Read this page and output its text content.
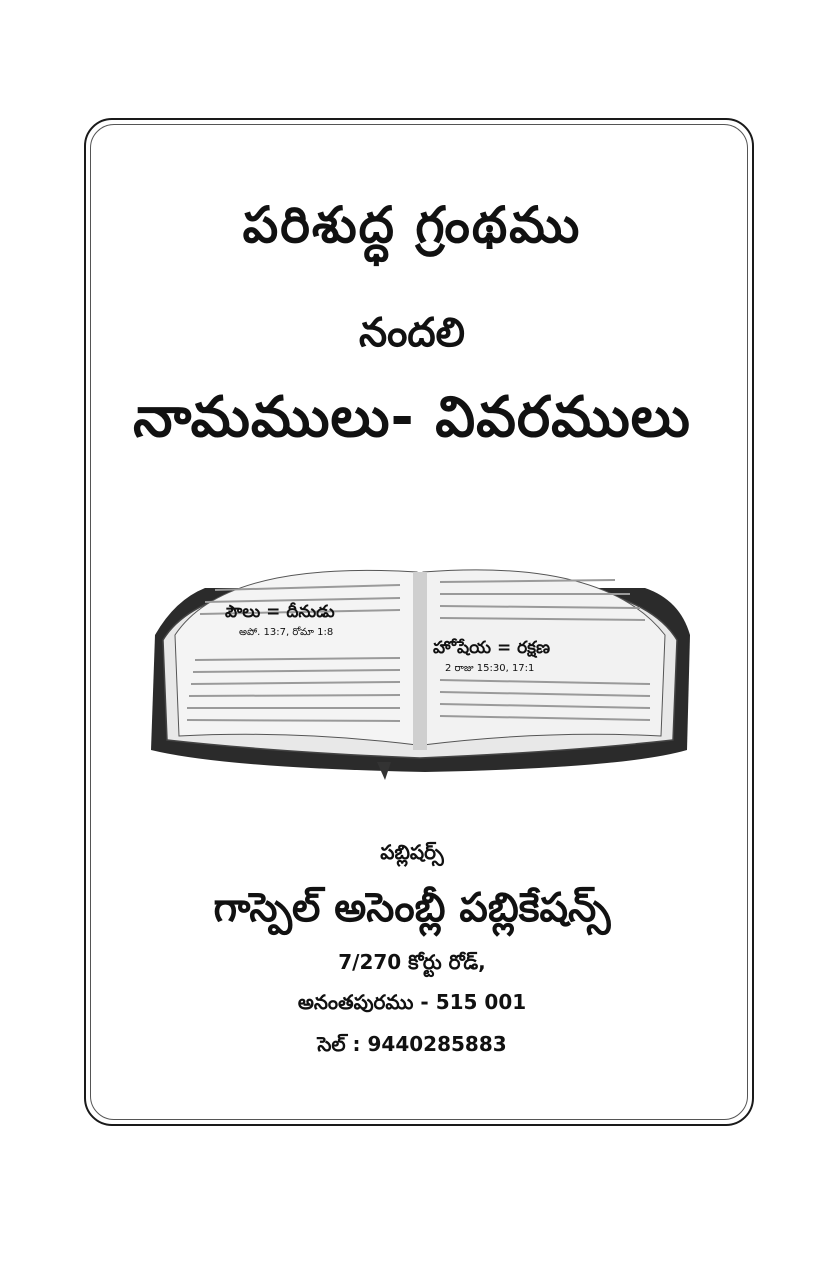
పరిశుద్ధ గ్రంథము
నందలి
నామములు- వివరములు
పౌలు = దీనుడు
అపో. 13:7, రోమా 1:8
హోషేయ = రక్షణ
2 రాజు 15:30, 17:1
పబ్లిషర్స్
గాస్పెల్ అసెంబ్లీ పబ్లికేషన్స్
7/270 కోర్టు రోడ్,
అనంతపురము - 515 001
సెల్ : 9440285883
